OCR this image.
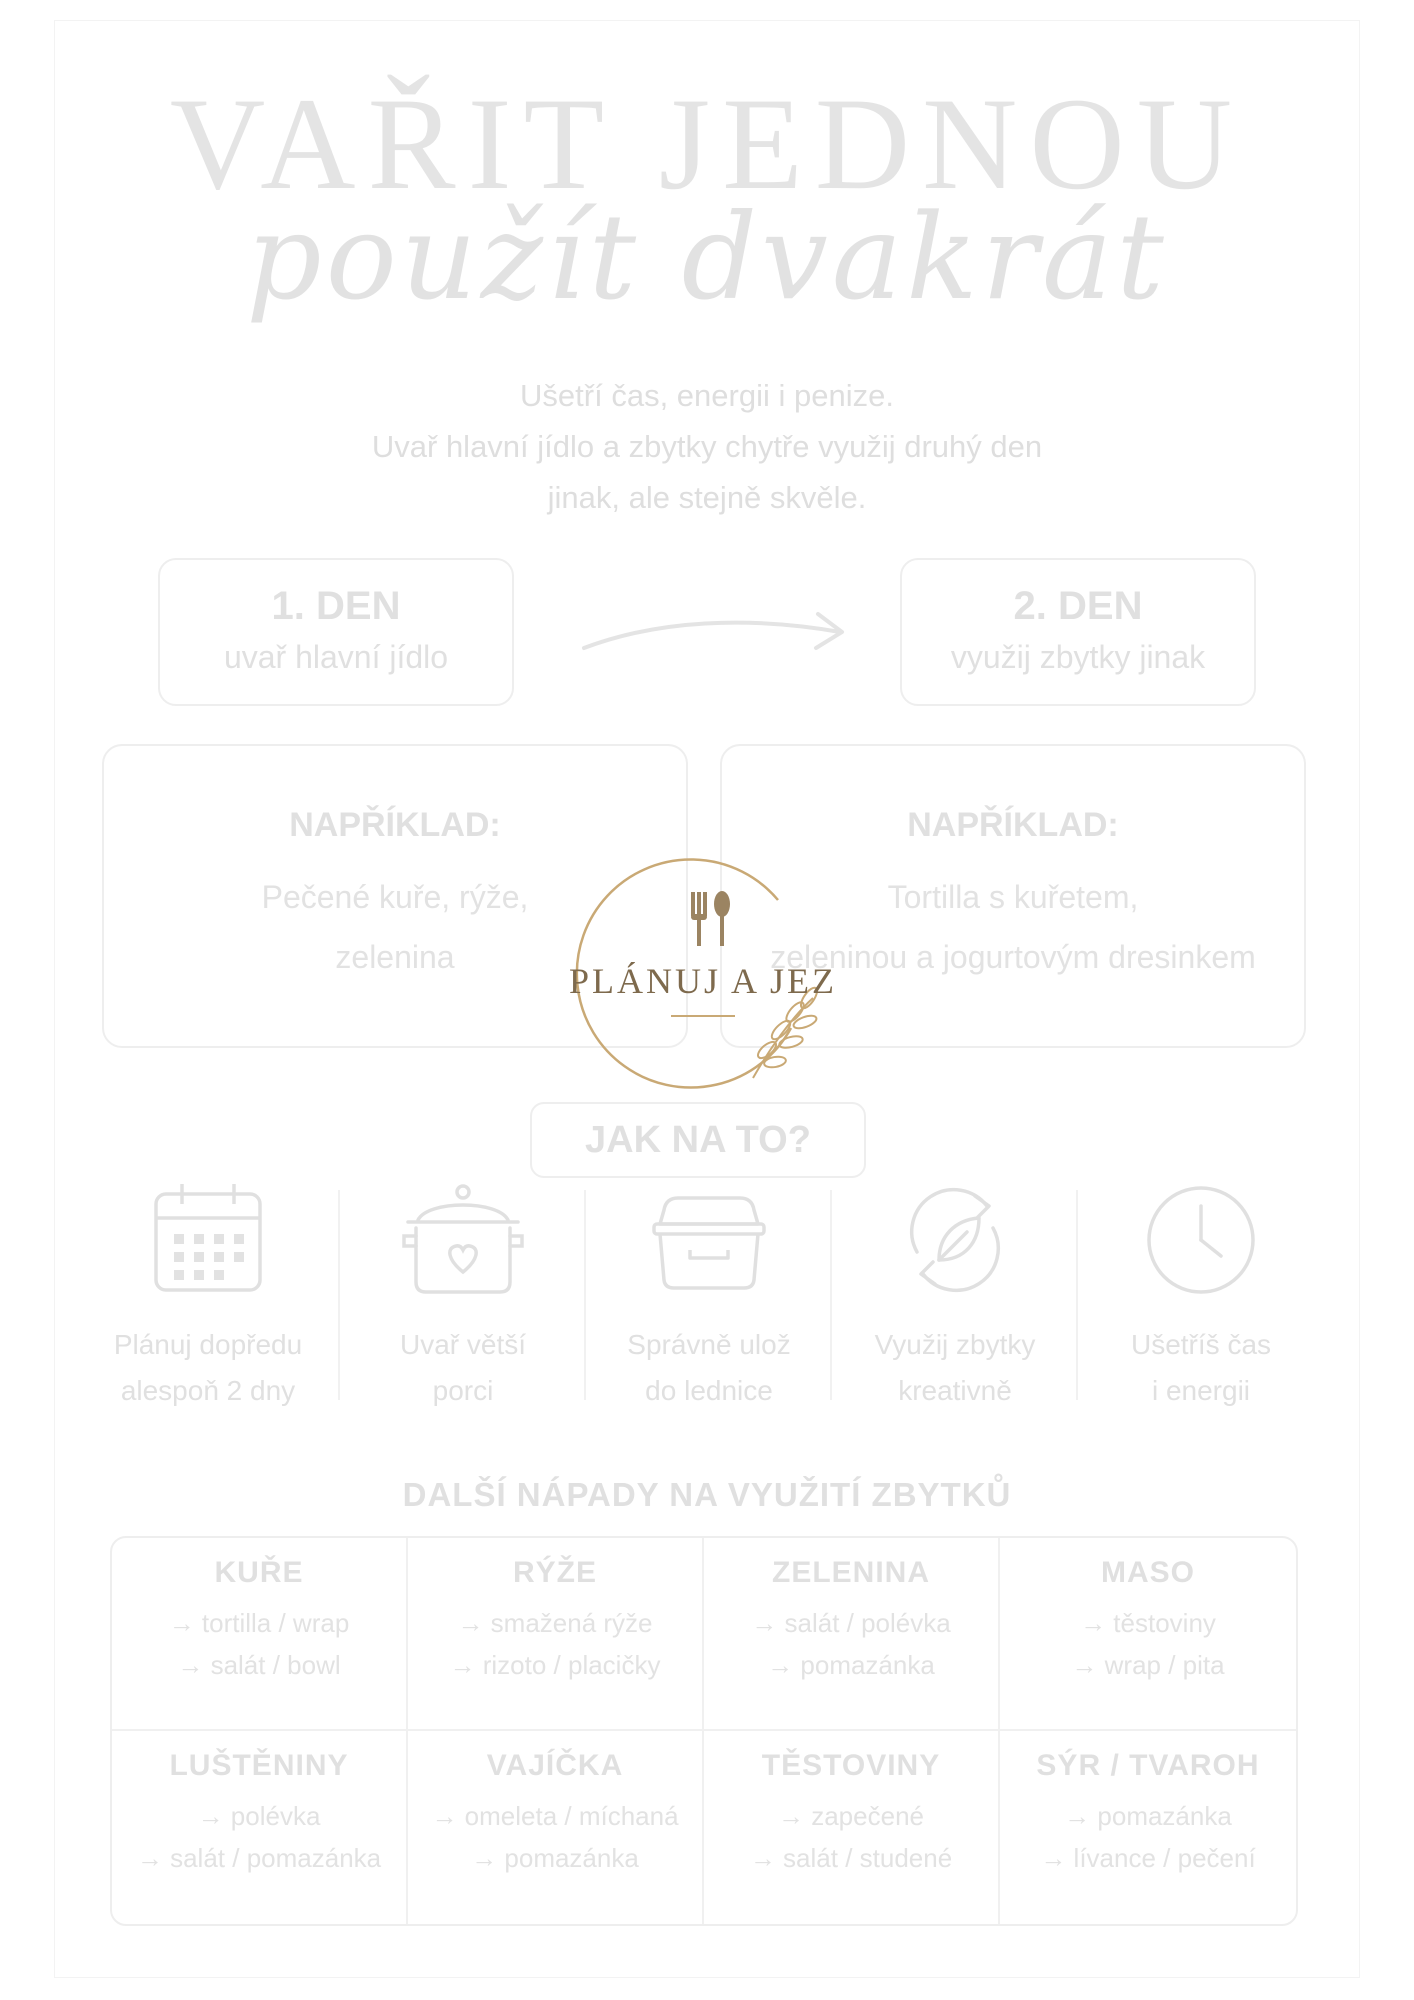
VAŘIT JEDNOU
použít dvakrát
Ušetří čas, energii i penize.
Uvař hlavní jídlo a zbytky chytře využij druhý den
jinak, ale stejně skvěle.
1. DEN
uvař hlavní jídlo
2. DEN
využij zbytky jinak
NAPŘÍKLAD:
Pečené kuře, rýže,
zelenina
NAPŘÍKLAD:
Tortilla s kuřetem,
zeleninou a jogurtovým dresinkem
PLÁNUJ A JEZ
JAK NA TO?
Plánuj dopředu
alespoň 2 dny
Uvař větší
porci
Správně ulož
do lednice
Využij zbytky
kreativně
Ušetříš čas
i energii
DALŠÍ NÁPADY NA VYUŽITÍ ZBYTKŮ
KUŘE
→ tortilla / wrap
→ salát / bowl
RÝŽE
→ smažená rýže
→ rizoto / placičky
ZELENINA
→ salát / polévka
→ pomazánka
MASO
→ těstoviny
→ wrap / pita
LUŠTĚNINY
→ polévka
→ salát / pomazánka
VAJÍČKA
→ omeleta / míchaná
→ pomazánka
TĚSTOVINY
→ zapečené
→ salát / studené
SÝR / TVAROH
→ pomazánka
→ lívance / pečení
